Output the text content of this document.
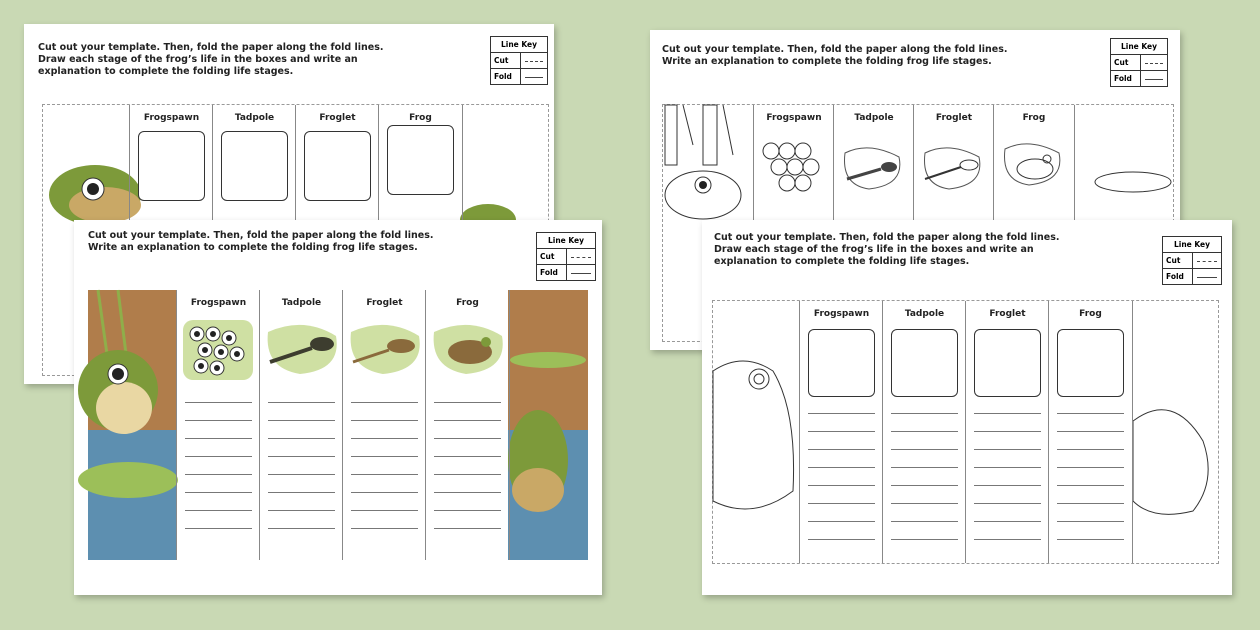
Cut out your template. Then, fold the paper along the fold lines.
Draw each stage of the frog’s life in the boxes and write an
explanation to complete the folding life stages.
Line Key
Cut
Fold
Frogspawn	Tadpole	Froglet	Frog
Cut out your template. Then, fold the paper along the fold lines.
Write an explanation to complete the folding frog life stages.
Line Key
Cut
Fold
Frogspawn	Tadpole	Froglet	Frog
Cut out your template. Then, fold the paper along the fold lines.
Write an explanation to complete the folding frog life stages.
Line Key
Cut
Fold
Frogspawn	Tadpole	Froglet	Frog
Cut out your template. Then, fold the paper along the fold lines.
Draw each stage of the frog’s life in the boxes and write an
explanation to complete the folding life stages.
Line Key
Cut
Fold
Frogspawn	Tadpole	Froglet	Frog
